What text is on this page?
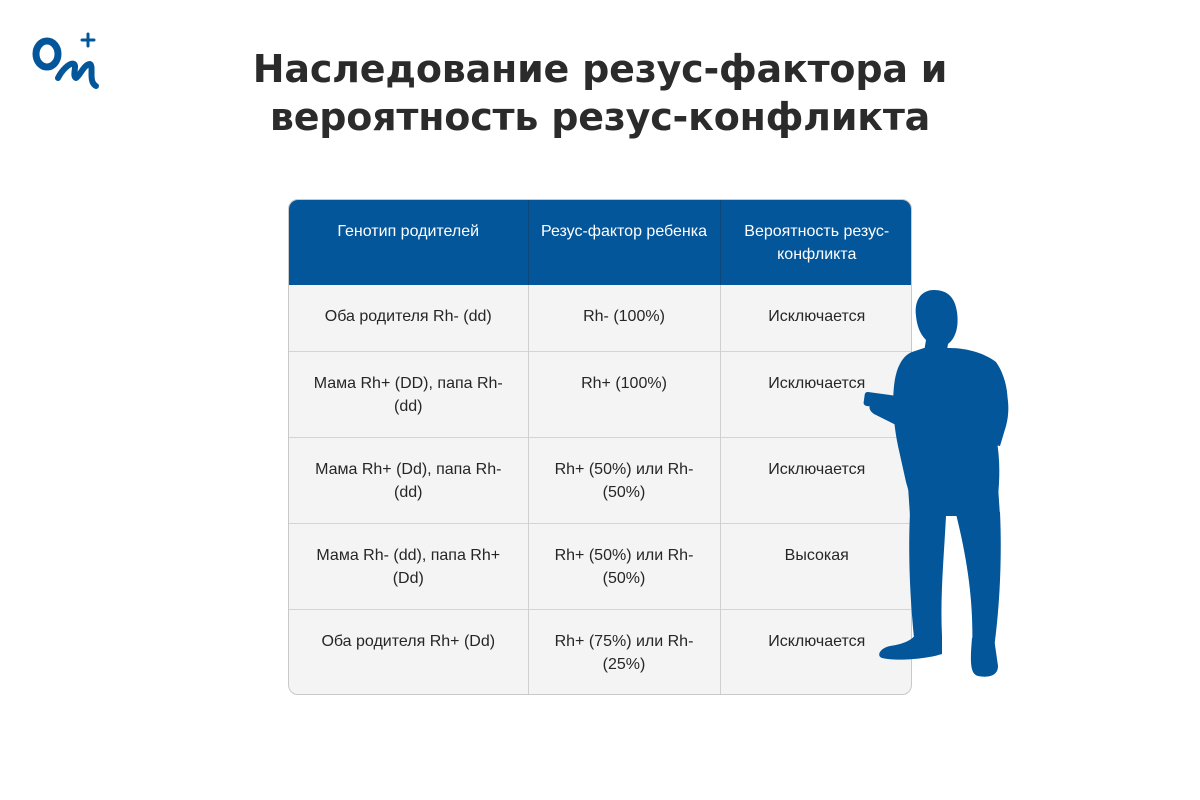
Наследование резус-фактора и
вероятность резус-конфликта
Генотип родителей	Резус-фактор ребенка	Вероятность резус-конфликта
Оба родителя Rh- (dd)	Rh- (100%)	Исключается
Мама Rh+ (DD), папа Rh- (dd)	Rh+ (100%)	Исключается
Мама Rh+ (Dd), папа Rh- (dd)	Rh+ (50%) или Rh- (50%)	Исключается
Мама Rh- (dd), папа Rh+ (Dd)	Rh+ (50%) или Rh- (50%)	Высокая
Оба родителя Rh+ (Dd)	Rh+ (75%) или Rh- (25%)	Исключается
